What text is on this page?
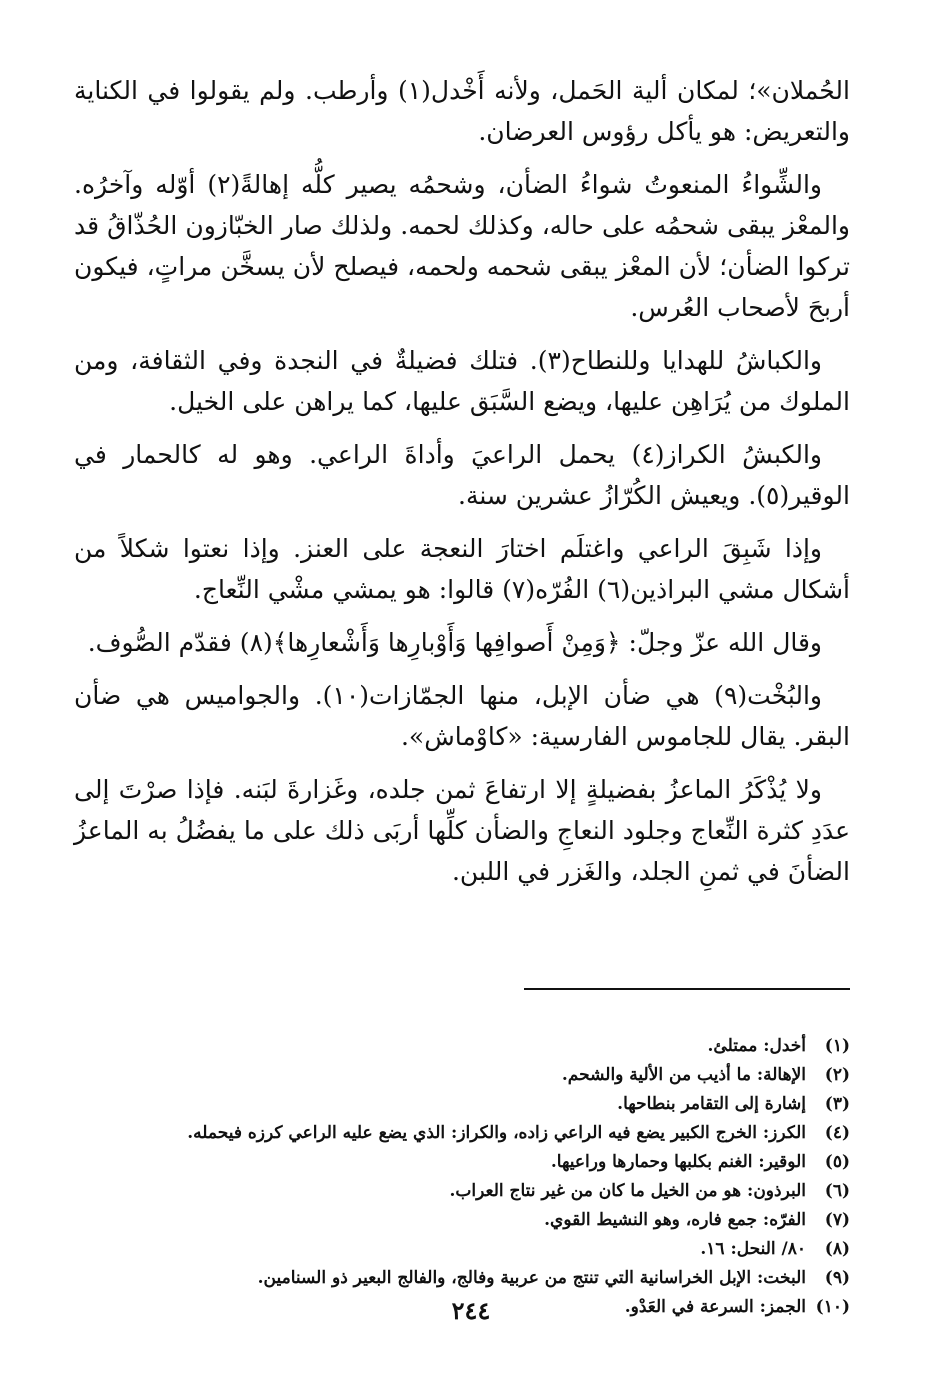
الحُملان»؛ لمكان ألية الحَمل، ولأنه أَخْدل(١) وأرطب. ولم يقولوا في الكناية والتعريض: هو يأكل رؤوس العرضان.

والشِّواءُ المنعوتُ شواءُ الضأن، وشحمُه يصير كلُّه إهالةً(٢) أوّله وآخرُه. والمعْز يبقى شحمُه على حاله، وكذلك لحمه. ولذلك صار الخبّازون الحُذّاقُ قد تركوا الضأن؛ لأن المعْز يبقى شحمه ولحمه، فيصلح لأن يسخَّن مراتٍ، فيكون أربحَ لأصحاب العُرس.

والكباشُ للهدايا وللنطاح(٣). فتلك فضيلةٌ في النجدة وفي الثقافة، ومن الملوك من يُرَاهِن عليها، ويضع السَّبَق عليها، كما يراهن على الخيل.

والكبشُ الكراز(٤) يحمل الراعيَ وأداةَ الراعي. وهو له كالحمار في الوقير(٥). ويعيش الكُرّازُ عشرين سنة.

وإذا شَبِقَ الراعي واغتلَم اختارَ النعجة على العنز. وإذا نعتوا شكلاً من أشكال مشي البراذين(٦) الفُرّه(٧) قالوا: هو يمشي مشْي النِّعاج.

وقال الله عزّ وجلّ: ﴿وَمِنْ أَصوافِها وَأَوْبارِها وَأَشْعارِها﴾(٨) فقدّم الصُّوف.

والبُخْت(٩) هي ضأن الإبل، منها الجمّازات(١٠). والجواميس هي ضأن البقر. يقال للجاموس الفارسية: «كاوْماش».

ولا يُذْكَرُ الماعزُ بفضيلةٍ إلا ارتفاعَ ثمن جلده، وغَزارةَ لبَنه. فإذا صرْتَ إلى عدَدِ كثرة النِّعاج وجلود النعاجِ والضأن كلِّها أربَى ذلك على ما يفضُلُ به الماعزُ الضأنَ في ثمنِ الجلد، والغَزر في اللبن.

(١)أخدل: ممتلئ.
(٢)الإهالة: ما أذيب من الألية والشحم.
(٣)إشارة إلى التقامر بنطاحها.
(٤)الكرز: الخرج الكبير يضع فيه الراعي زاده، والكراز: الذي يضع عليه الراعي كرزه فيحمله.
(٥)الوقير: الغنم بكلبها وحمارها وراعيها.
(٦)البرذون: هو من الخيل ما كان من غير نتاج العراب.
(٧)الفرّه: جمع فاره، وهو النشيط القوي.
(٨)٨٠/ النحل: ١٦.
(٩)البخت: الإبل الخراسانية التي تنتج من عربية وفالج، والفالج البعير ذو السنامين.
(١٠)الجمز: السرعة في العَدْو.
٢٤٤
